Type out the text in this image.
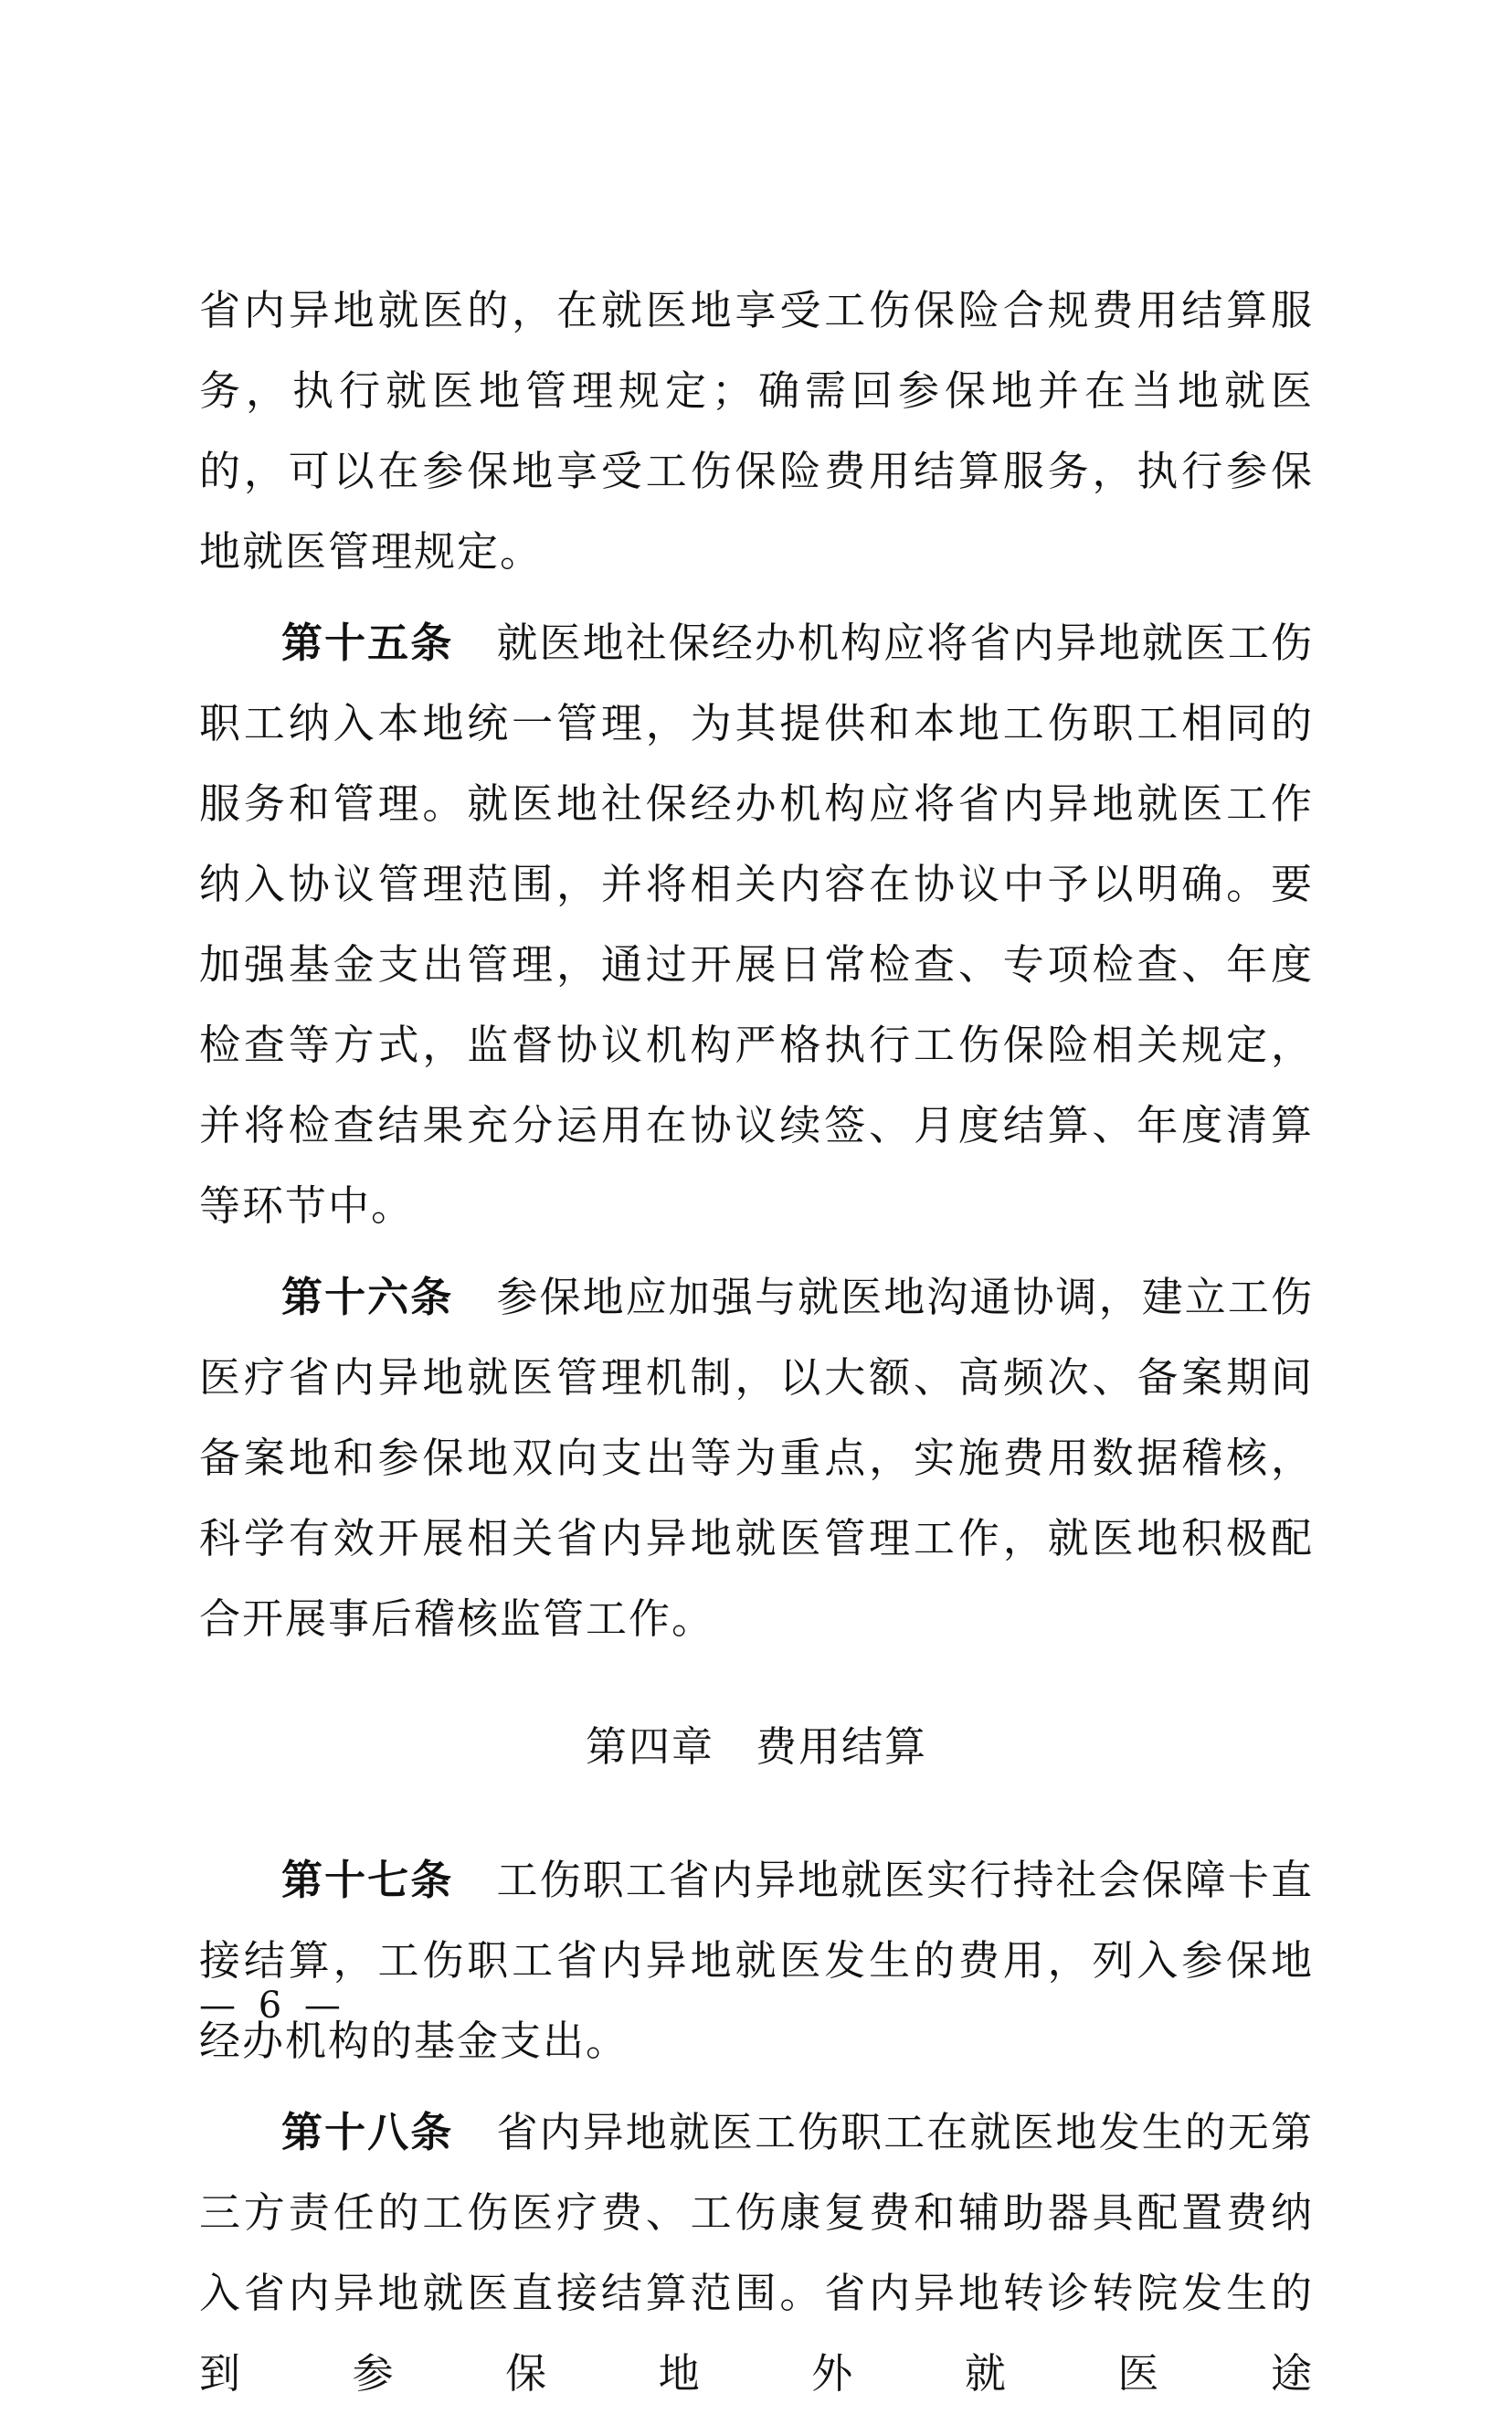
省内异地就医的，在就医地享受工伤保险合规费用结算服务，执行就医地管理规定；确需回参保地并在当地就医的，可以在参保地享受工伤保险费用结算服务，执行参保地就医管理规定。

第十五条　 就医地社保经办机构应将省内异地就医工伤职工纳入本地统一管理，为其提供和本地工伤职工相同的服务和管理。就医地社保经办机构应将省内异地就医工作纳入协议管理范围，并将相关内容在协议中予以明确。要加强基金支出管理，通过开展日常检查、专项检查、年度检查等方式，监督协议机构严格执行工伤保险相关规定，并将检查结果充分运用在协议续签、月度结算、年度清算等环节中。

第十六条　 参保地应加强与就医地沟通协调，建立工伤医疗省内异地就医管理机制，以大额、高频次、备案期间备案地和参保地双向支出等为重点，实施费用数据稽核，科学有效开展相关省内异地就医管理工作，就医地积极配合开展事后稽核监管工作。

第四章 费用结算

第十七条　 工伤职工省内异地就医实行持社会保障卡直接结算，工伤职工省内异地就医发生的费用，列入参保地经办机构的基金支出。

第十八条　 省内异地就医工伤职工在就医地发生的无第三方责任的工伤医疗费、工伤康复费和辅助器具配置费纳入省内异地就医直接结算范围。省内异地转诊转院发生的到参保地外就医途

— 6 —
